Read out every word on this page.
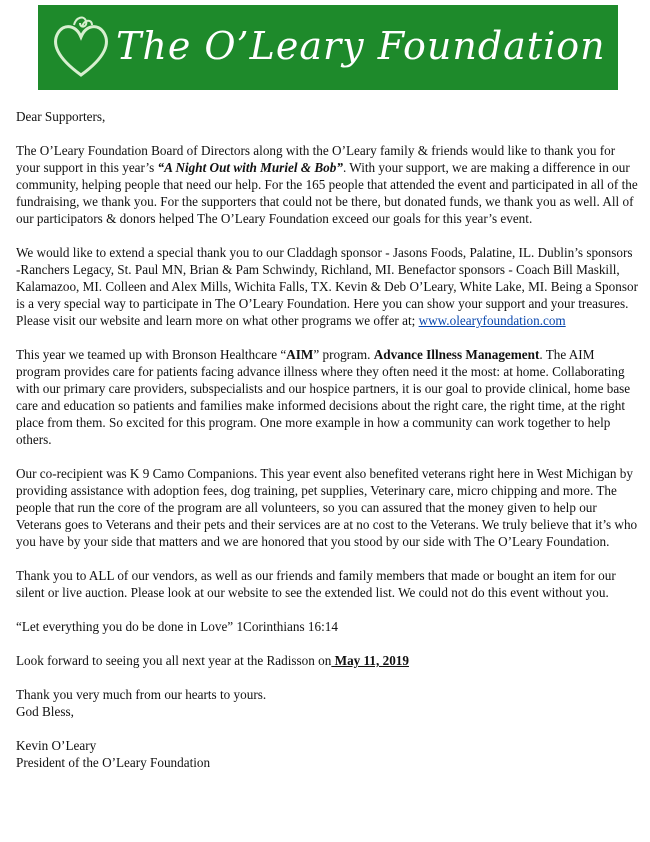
The O’Leary Foundation

Dear Supporters,

The O’Leary Foundation Board of Directors along with the O’Leary family & friends would like to thank you for your support in this year’s “A Night Out with Muriel & Bob”. With your support, we are making a difference in our community, helping people that need our help. For the 165 people that attended the event and participated in all of the fundraising, we thank you. For the supporters that could not be there, but donated funds, we thank you as well. All of our participators & donors helped The O’Leary Foundation exceed our goals for this year’s event.

We would like to extend a special thank you to our Claddagh sponsor - Jasons Foods, Palatine, IL. Dublin’s sponsors -Ranchers Legacy, St. Paul MN, Brian & Pam Schwindy, Richland, MI. Benefactor sponsors - Coach Bill Maskill, Kalamazoo, MI. Colleen and Alex Mills, Wichita Falls, TX. Kevin & Deb O’Leary, White Lake, MI. Being a Sponsor is a very special way to participate in The O’Leary Foundation. Here you can show your support and your treasures. Please visit our website and learn more on what other programs we offer at; www.olearyfoundation.com

This year we teamed up with Bronson Healthcare “AIM” program. Advance Illness Management. The AIM program provides care for patients facing advance illness where they often need it the most: at home. Collaborating with our primary care providers, subspecialists and our hospice partners, it is our goal to provide clinical, home base care and education so patients and families make informed decisions about the right care, the right time, at the right place from them. So excited for this program. One more example in how a community can work together to help others.

Our co-recipient was K 9 Camo Companions. This year event also benefited veterans right here in West Michigan by providing assistance with adoption fees, dog training, pet supplies, Veterinary care, micro chipping and more. The people that run the core of the program are all volunteers, so you can assured that the money given to help our Veterans goes to Veterans and their pets and their services are at no cost to the Veterans. We truly believe that it’s who you have by your side that matters and we are honored that you stood by our side with The O’Leary Foundation.

Thank you to ALL of our vendors, as well as our friends and family members that made or bought an item for our silent or live auction. Please look at our website to see the extended list. We could not do this event without you.

“Let everything you do be done in Love” 1Corinthians 16:14

Look forward to seeing you all next year at the Radisson on May 11, 2019

Thank you very much from our hearts to yours.

God Bless,

Kevin O’Leary

President of the O’Leary Foundation
